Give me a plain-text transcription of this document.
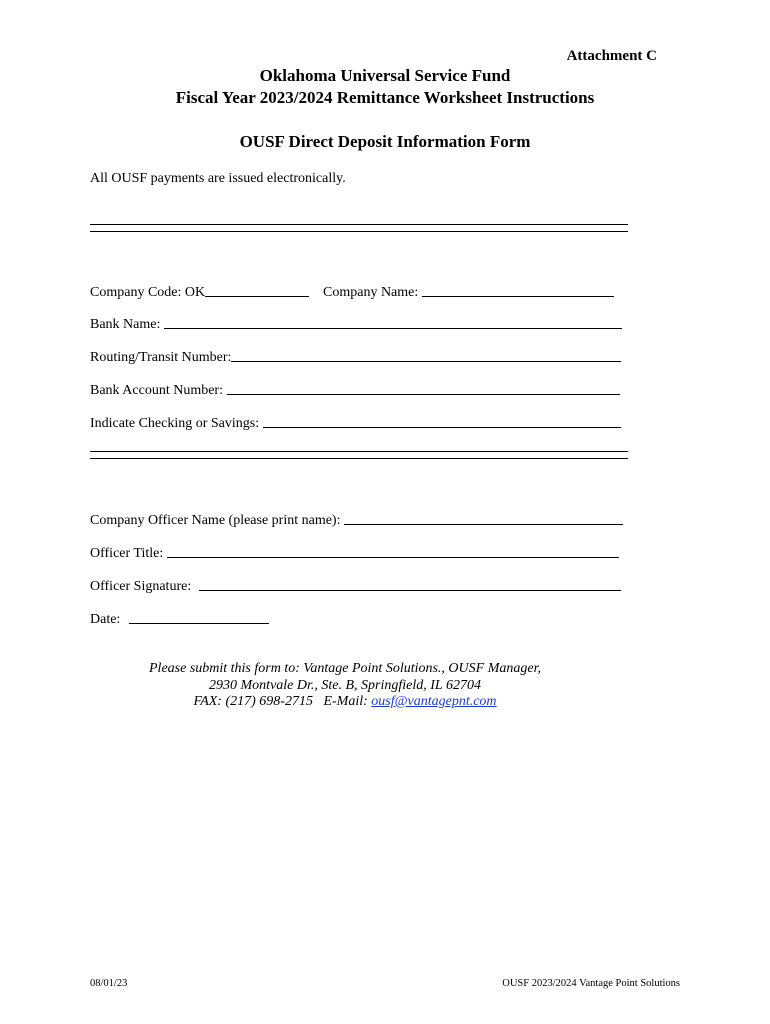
Attachment C
Oklahoma Universal Service Fund
Fiscal Year 2023/2024 Remittance Worksheet Instructions
OUSF Direct Deposit Information Form
All OUSF payments are issued electronically.
Company Code: OK	Company Name:
Bank Name:
Routing/Transit Number:
Bank Account Number:
Indicate Checking or Savings:
Company Officer Name (please print name):
Officer Title:
Officer Signature:
Date:
Please submit this form to: Vantage Point Solutions., OUSF Manager,
2930 Montvale Dr., Ste. B, Springfield, IL 62704
FAX: (217) 698-2715   E-Mail: ousf@vantagepnt.com
08/01/23	OUSF 2023/2024 Vantage Point Solutions
